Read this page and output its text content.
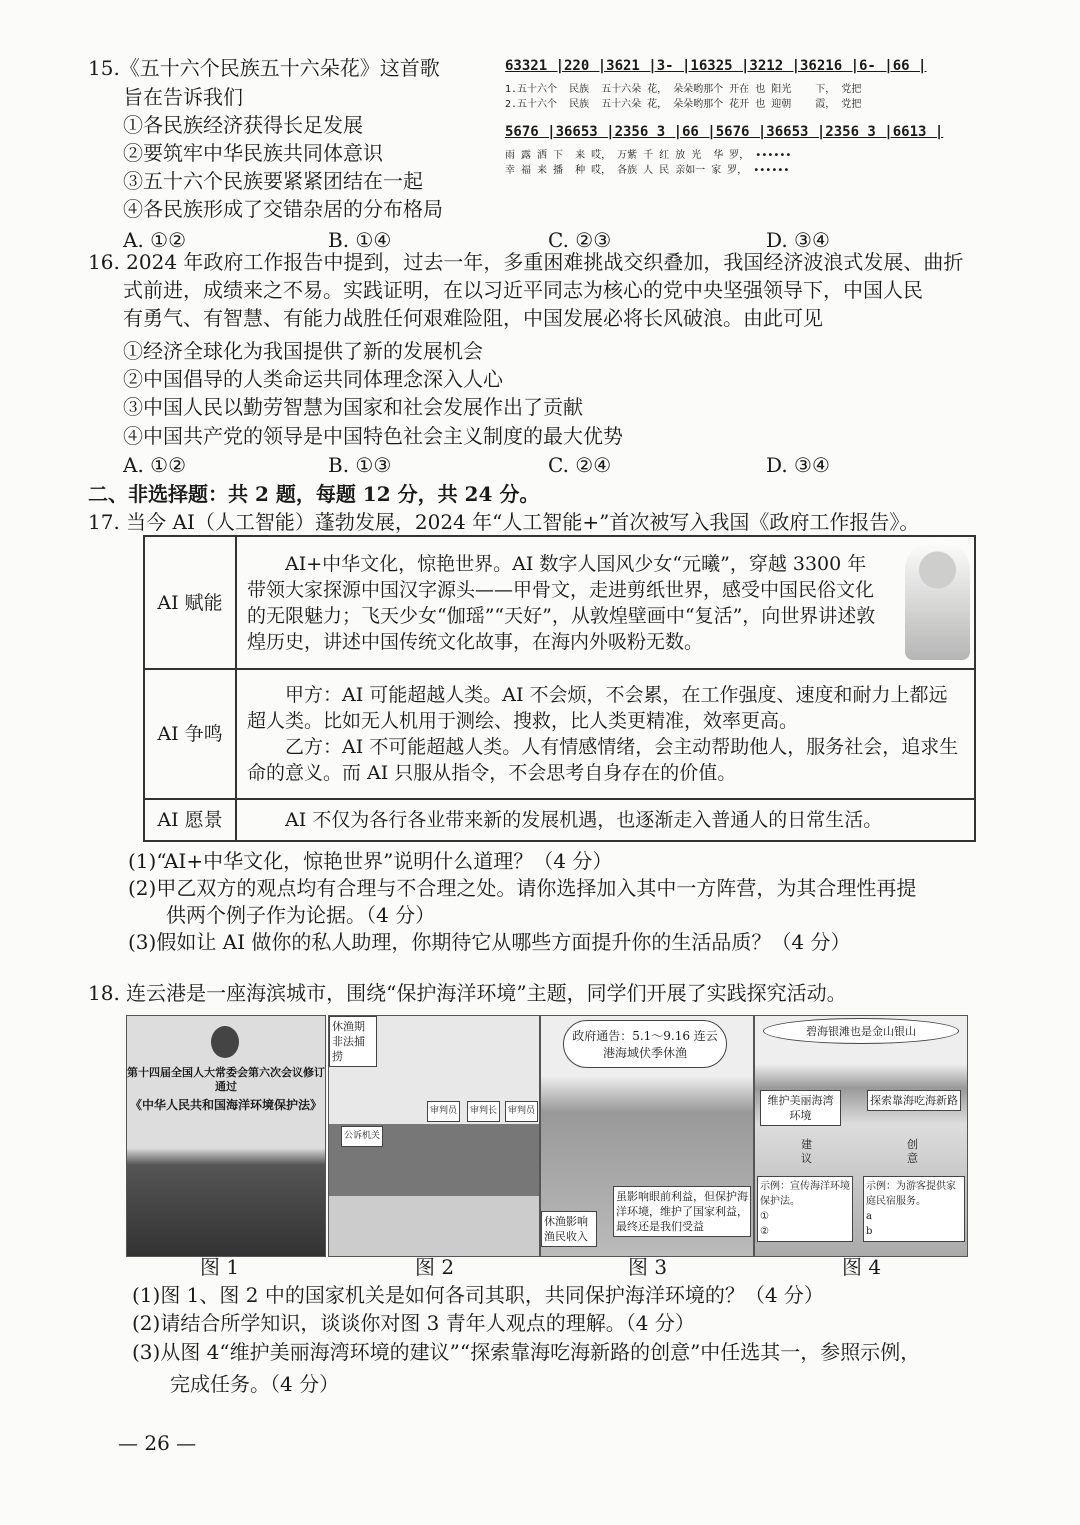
15.《五十六个民族五十六朵花》这首歌
旨在告诉我们
①各民族经济获得长足发展
②要筑牢中华民族共同体意识
③五十六个民族要紧紧团结在一起
④各民族形成了交错杂居的分布格局
A. ①②	B. ①④	C. ②③	D. ③④
63321 |220 |3621 |3- |16325 |3212 |36216 |6- |66 |
1.五十六个  民族  五十六朵 花， 朵朵哟那个 开在 也 阳光    下， 党把
2.五十六个  民族  五十六朵 花， 朵朵哟那个 花开 也 迎朝    霞， 党把
5676 |36653 |2356 3 |66 |5676 |36653 |2356 3 |6613 |
雨 露 洒 下  来 哎， 万紫 千 红 放 光  华 罗， ••••••
幸 福 来 播  种 哎， 各族 人 民 亲如一 家 罗， ••••••
16. 2024 年政府工作报告中提到，过去一年，多重困难挑战交织叠加，我国经济波浪式发展、曲折
式前进，成绩来之不易。实践证明，在以习近平同志为核心的党中央坚强领导下，中国人民
有勇气、有智慧、有能力战胜任何艰难险阻，中国发展必将长风破浪。由此可见
①经济全球化为我国提供了新的发展机会
②中国倡导的人类命运共同体理念深入人心
③中国人民以勤劳智慧为国家和社会发展作出了贡献
④中国共产党的领导是中国特色社会主义制度的最大优势
A. ①②	B. ①③	C. ②④	D. ③④
二、非选择题：共 2 题，每题 12 分，共 24 分。
17. 当今 AI（人工智能）蓬勃发展，2024 年“人工智能+”首次被写入我国《政府工作报告》。
AI 赋能	AI+中华文化，惊艳世界。AI 数字人国风少女“元曦”，穿越 3300 年带领大家探源中国汉字源头——甲骨文，走进剪纸世界，感受中国民俗文化的无限魅力；飞天少女“伽瑶”“天好”，从敦煌壁画中“复活”，向世界讲述敦煌历史，讲述中国传统文化故事，在海内外吸粉无数。
AI 争鸣	甲方：AI 可能超越人类。AI 不会烦，不会累，在工作强度、速度和耐力上都远超人类。比如无人机用于测绘、搜救，比人类更精准，效率更高。
乙方：AI 不可能超越人类。人有情感情绪，会主动帮助他人，服务社会，追求生命的意义。而 AI 只服从指令，不会思考自身存在的价值。

AI 愿景	AI 不仅为各行各业带来新的发展机遇，也逐渐走入普通人的日常生活。
(1)“AI+中华文化，惊艳世界”说明什么道理？（4 分）
(2)甲乙双方的观点均有合理与不合理之处。请你选择加入其中一方阵营，为其合理性再提
供两个例子作为论据。（4 分）
(3)假如让 AI 做你的私人助理，你期待它从哪些方面提升你的生活品质？（4 分）
18. 连云港是一座海滨城市，围绕“保护海洋环境”主题，同学们开展了实践探究活动。
第十四届全国人大常委会第六次会议修订通过
《中华人民共和国海洋环境保护法》
休渔期非法捕捞
公诉机关
审判员	审判长	审判员
政府通告：5.1～9.16 连云港海域伏季休渔
休渔影响渔民收入
虽影响眼前利益，但保护海洋环境，维护了国家利益，最终还是我们受益
碧海银滩也是金山银山
维护美丽海湾环境
探索靠海吃海新路
建议
创意
示例：宣传海洋环境保护法。
①
②
示例：为游客提供家庭民宿服务。
a
b
图 1	图 2	图 3	图 4
(1)图 1、图 2 中的国家机关是如何各司其职，共同保护海洋环境的？（4 分）
(2)请结合所学知识，谈谈你对图 3 青年人观点的理解。（4 分）
(3)从图 4“维护美丽海湾环境的建议”“探索靠海吃海新路的创意”中任选其一，参照示例，
完成任务。（4 分）
— 26 —
